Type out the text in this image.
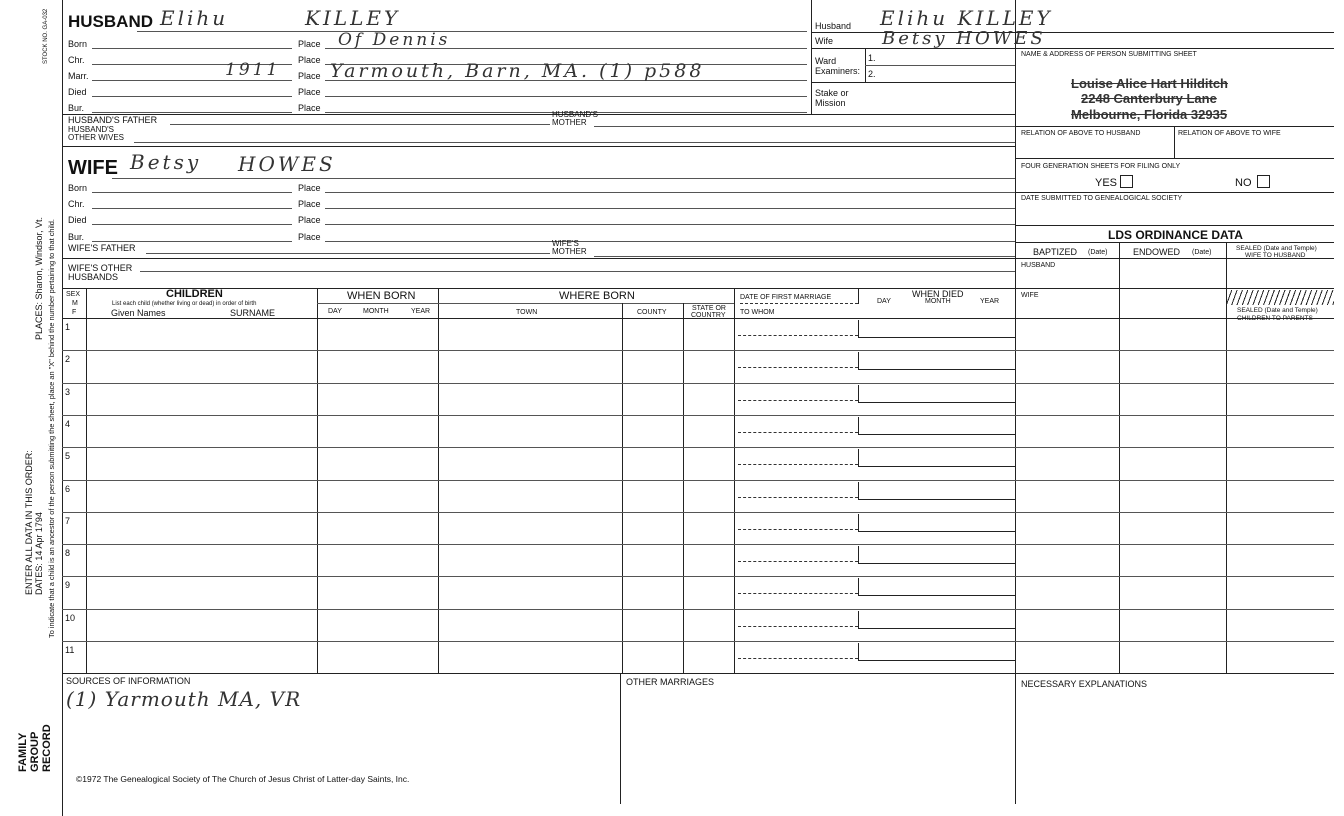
STOCK NO. GA-032
PLACES: Sharon, Windsor, Vt.
ENTER ALL DATA IN THIS ORDER: DATES: 14 Apr 1794 To indicate that a child is an ancestor of the person submitting the sheet, place an "X" behind the number pertaining to that child.
FAMILY GROUP RECORD
HUSBAND Elihu	KILLEY
Born	Place Of Dennis
Chr.	Place
Marr.	1911 Place Yarmouth, Barn, MA. (1) p588
Died	Place
Bur.	Place
HUSBAND'S FATHER
HUSBAND'S
MOTHER
HUSBAND'S
OTHER WIVES
Husband Elihu KILLEY
Wife	Betsy HOWES
Ward
Examiners:
1.
2.
Stake or
Mission
NAME & ADDRESS OF PERSON SUBMITTING SHEET
Louise Alice Hart Hilditch
2248 Canterbury Lane
Melbourne, Florida 32935
RELATION OF ABOVE TO HUSBAND	RELATION OF ABOVE TO WIFE
FOUR GENERATION SHEETS FOR FILING ONLY
YES	NO
DATE SUBMITTED TO GENEALOGICAL SOCIETY
WIFE Betsy HOWES
Born	Place
Chr.	Place
Died	Place
Bur.	Place
WIFE'S FATHER	WIFE'S
MOTHER
WIFE'S OTHER
HUSBANDS
LDS ORDINANCE DATA
BAPTIZED (Date)	ENDOWED (Date)
SEALED (Date and Temple)
WIFE TO HUSBAND
HUSBAND
WIFE
SEALED (Date and Temple)
CHILDREN TO PARENTS
SEX
M
F
CHILDREN
List each child (whether living or dead) in order of birth
Given Names	SURNAME
WHEN BORN
DAY	MONTH	YEAR
WHERE BORN
TOWN	COUNTY
STATE OR
COUNTRY
DATE OF FIRST MARRIAGE
TO WHOM
WHEN DIED
DAY	MONTH	YEAR
1
2
3
4
5
6
7
8
9
10
11
SOURCES OF INFORMATION
(1) Yarmouth MA, VR
OTHER MARRIAGES	NECESSARY EXPLANATIONS
©1972 The Genealogical Society of The Church of Jesus Christ of Latter-day Saints, Inc.
